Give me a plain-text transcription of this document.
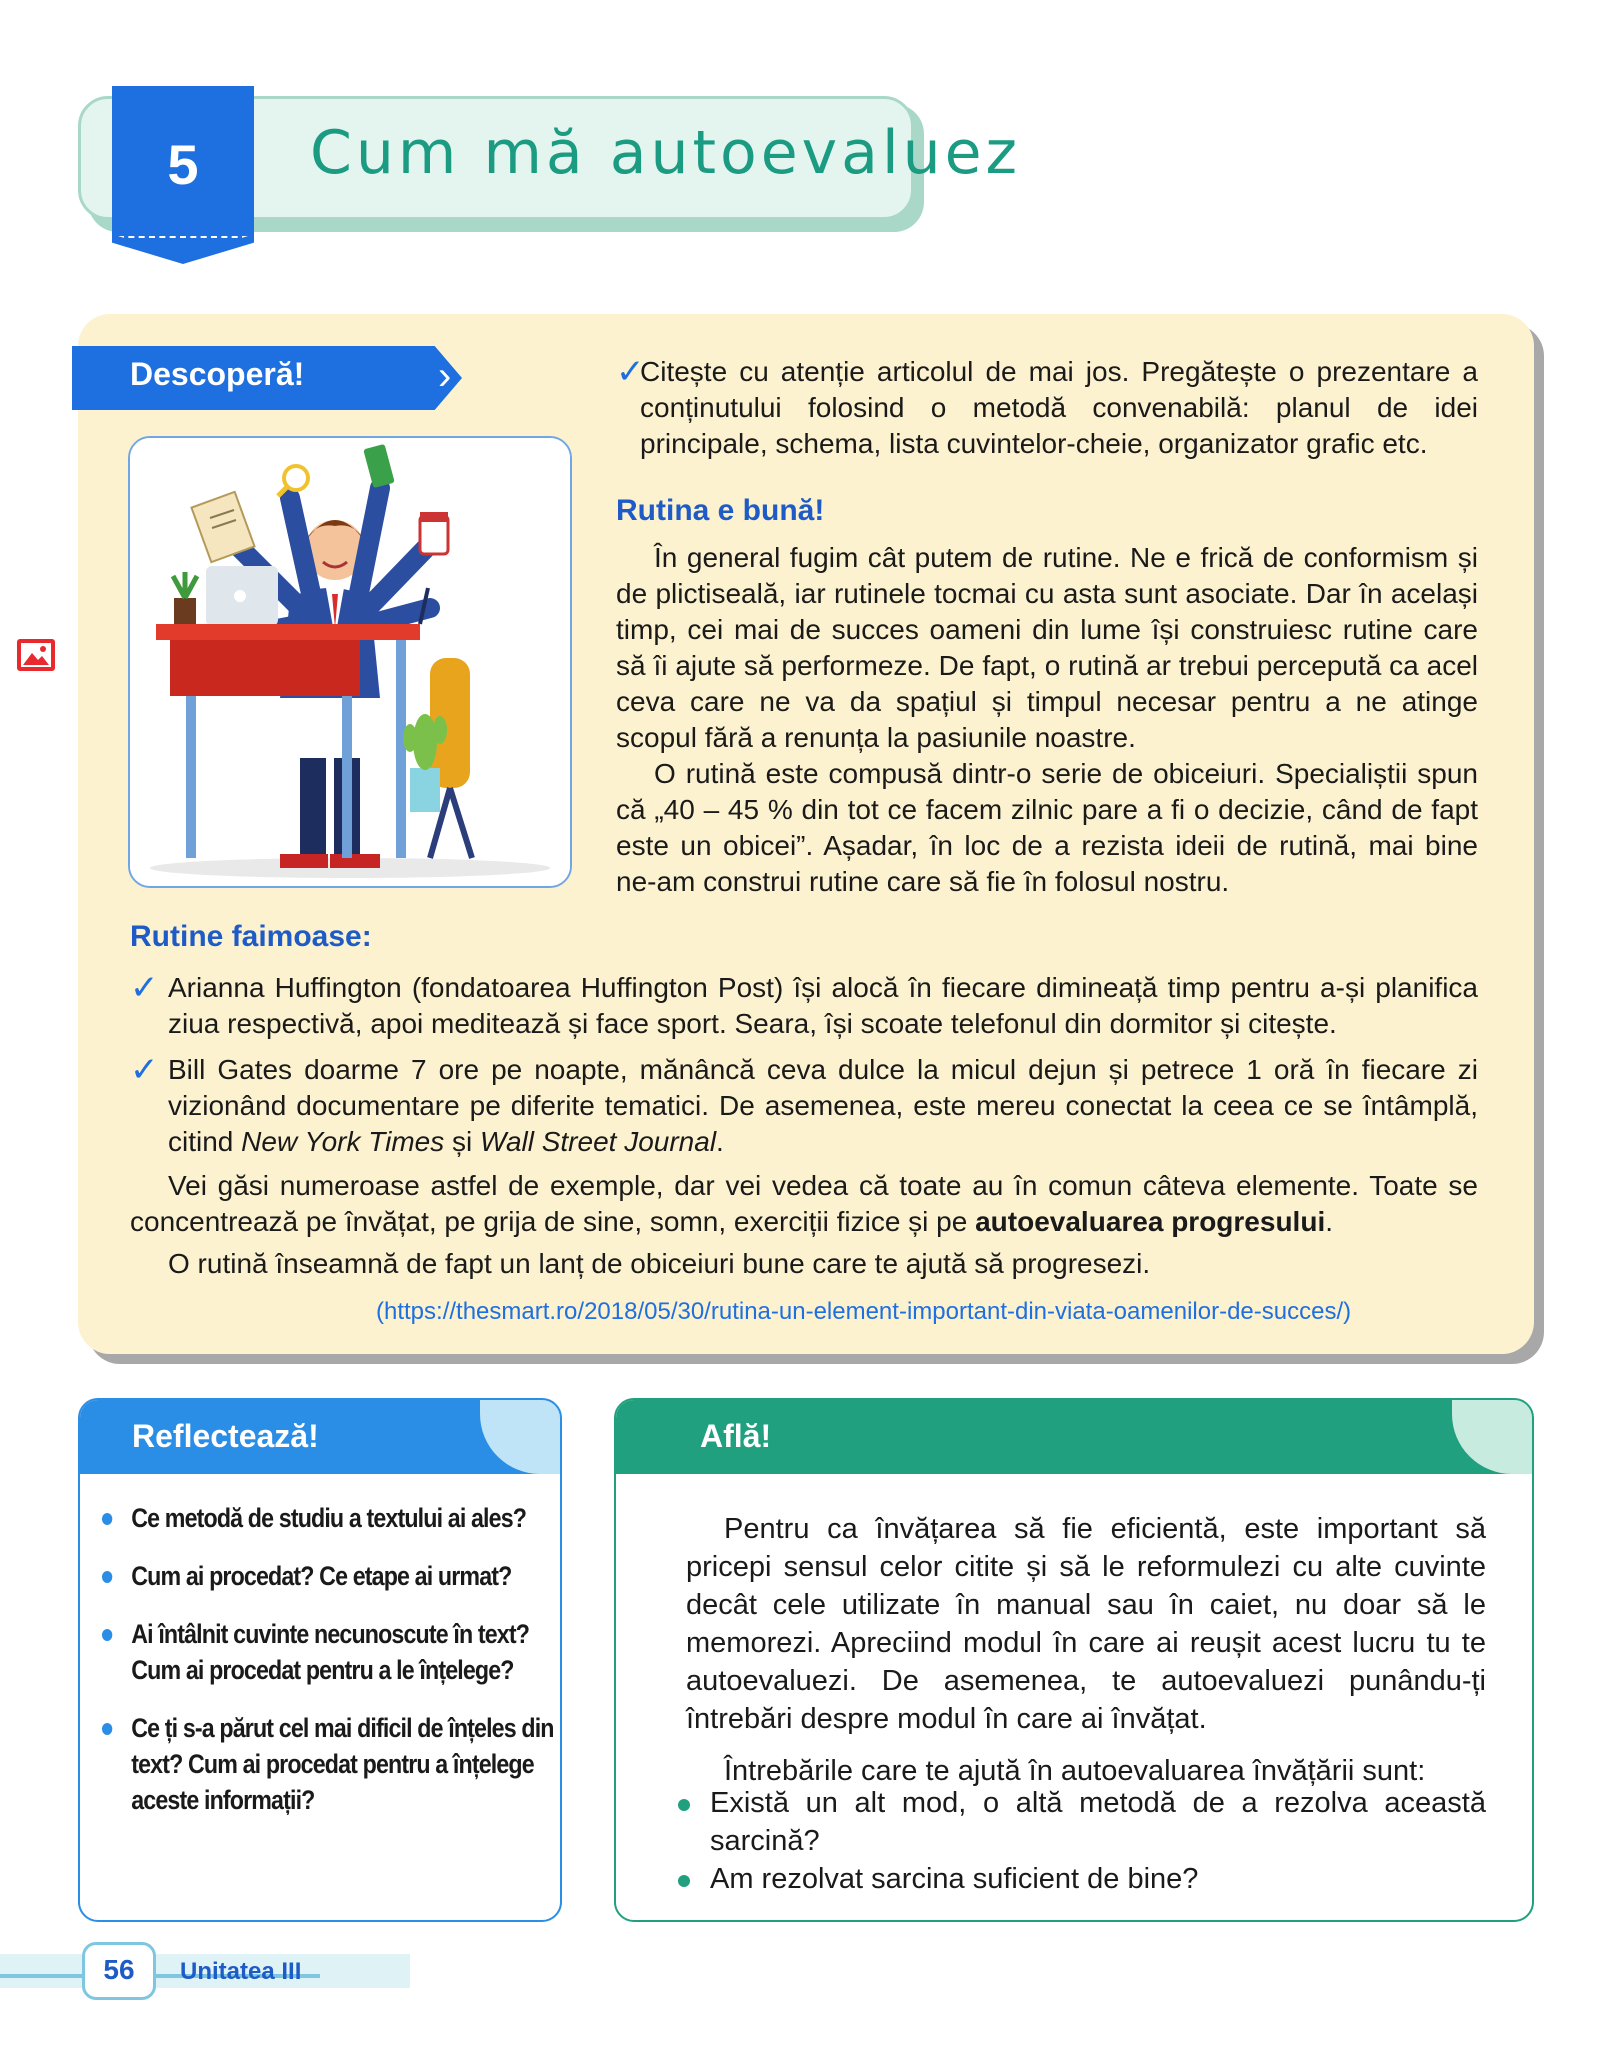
5	Cum mă autoevaluez
›
Descoperă!	✓
Citește cu atenție articolul de mai jos. Pregătește o prezentare a conținutului folosind o metodă convenabilă: planul de idei principale, schema, lista cuvintelor-cheie, organizator grafic etc.
Rutina e bună!

În general fugim cât putem de rutine. Ne e frică de conformism și de plictiseală, iar rutinele tocmai cu asta sunt asociate. Dar în același timp, cei mai de succes oameni din lume își construiesc rutine care să îi ajute să performeze. De fapt, o rutină ar trebui percepută ca acel ceva care ne va da spațiul și timpul necesar pentru a ne atinge scopul fără a renunța la pasiunile noastre.

O rutină este compusă dintr-o serie de obiceiuri. Specialiștii spun că „40 – 45 % din tot ce facem zilnic pare a fi o decizie, când de fapt este un obicei”. Așadar, în loc de a rezista ideii de rutină, mai bine ne-am construi rutine care să fie în folosul nostru.

Rutine faimoase:
✓ Arianna Huffington (fondatoarea Huffington Post) își alocă în fiecare dimineață timp pentru a-și planifica ziua respectivă, apoi meditează și face sport. Seara, își scoate telefonul din dormitor și citește.
✓ Bill Gates doarme 7 ore pe noapte, mănâncă ceva dulce la micul dejun și petrece 1 oră în fiecare zi vizionând documentare pe diferite tematici. De asemenea, este mereu conectat la ceea ce se întâmplă, citind New York Times și Wall Street Journal.
Vei găsi numeroase astfel de exemple, dar vei vedea că toate au în comun câteva elemente. Toate se concentrează pe învățat, pe grija de sine, somn, exerciții fizice și pe autoevaluarea progresului.
O rutină înseamnă de fapt un lanț de obiceiuri bune care te ajută să progresezi.
(https://thesmart.ro/2018/05/30/rutina-un-element-important-din-viata-oamenilor-de-succes/)
Reflectează!
Ce metodă de studiu a textului ai ales?
Cum ai procedat? Ce etape ai urmat?
Ai întâlnit cuvinte necunoscute în text? Cum ai procedat pentru a le înțelege?
Ce ți s-a părut cel mai dificil de înțeles din text? Cum ai procedat pentru a înțelege aceste informații?
Află!

Pentru ca învățarea să fie eficientă, este important să pricepi sensul celor citite și să le reformulezi cu alte cuvinte decât cele utilizate în manual sau în caiet, nu doar să le memorezi. Apreciind modul în care ai reușit acest lucru tu te autoevaluezi. De asemenea, te autoevaluezi punându-ți întrebări despre modul în care ai învățat.

Întrebările care te ajută în autoevaluarea învățării sunt:

Există un alt mod, o altă metodă de a rezolva această sarcină?
Am rezolvat sarcina suficient de bine?
56	Unitatea III
